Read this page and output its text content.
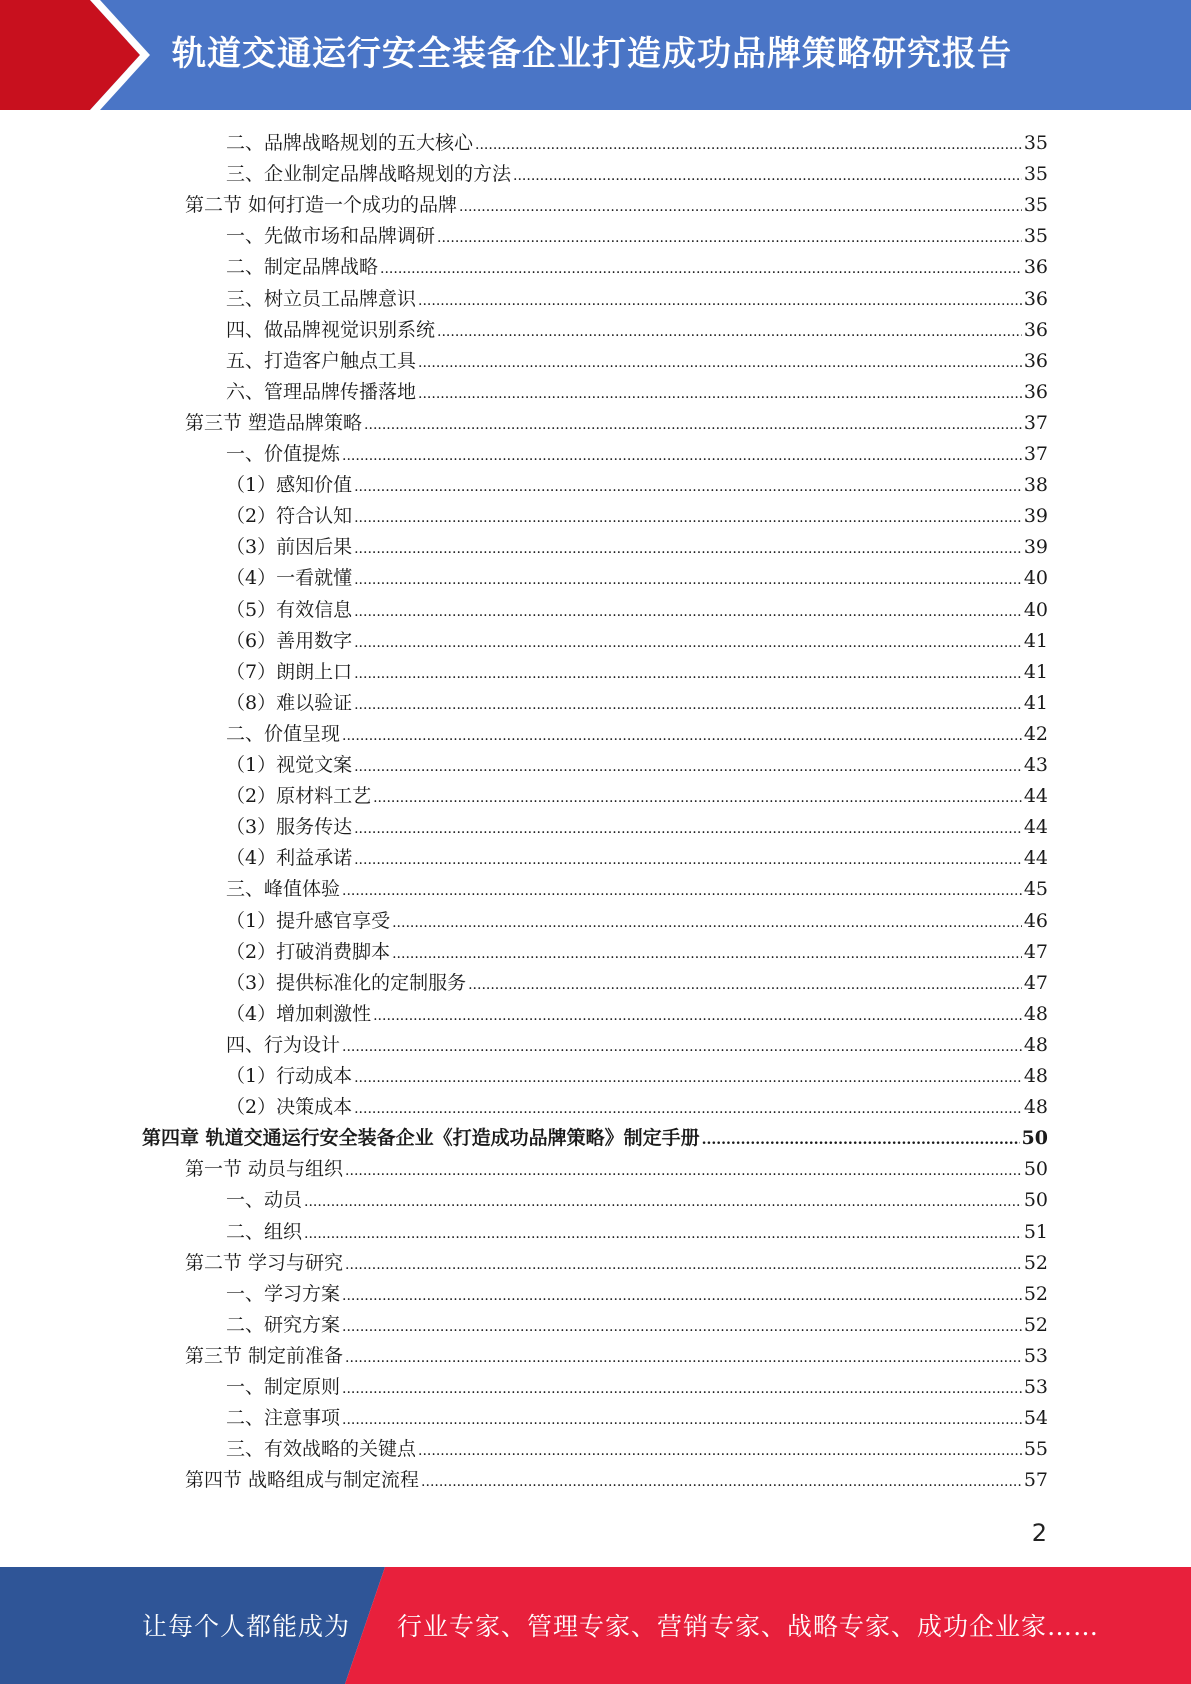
轨道交通运行安全装备企业打造成功品牌策略研究报告
二、品牌战略规划的五大核心 .....	35
三、企业制定品牌战略规划的方法 .....	35
第二节 如何打造一个成功的品牌 .....	35
一、先做市场和品牌调研 .....	35
二、制定品牌战略 .....	36
三、树立员工品牌意识 .....	36
四、做品牌视觉识别系统 .....	36
五、打造客户触点工具 .....	36
六、管理品牌传播落地 .....	36
第三节 塑造品牌策略 .....	37
一、价值提炼 .....	37
（1）感知价值 .....	38
（2）符合认知 .....	39
（3）前因后果 .....	39
（4）一看就懂 .....	40
（5）有效信息 .....	40
（6）善用数字 .....	41
（7）朗朗上口 .....	41
（8）难以验证 .....	41
二、价值呈现 .....	42
（1）视觉文案 .....	43
（2）原材料工艺 .....	44
（3）服务传达 .....	44
（4）利益承诺 .....	44
三、峰值体验 .....	45
（1）提升感官享受 .....	46
（2）打破消费脚本 .....	47
（3）提供标准化的定制服务 .....	47
（4）增加刺激性 .....	48
四、行为设计 .....	48
（1）行动成本 .....	48
（2）决策成本 .....	48
第四章 轨道交通运行安全装备企业《打造成功品牌策略》制定手册 .....	50
第一节 动员与组织 .....	50
一、动员 .....	50
二、组织 .....	51
第二节 学习与研究 .....	52
一、学习方案 .....	52
二、研究方案 .....	52
第三节 制定前准备 .....	53
一、制定原则 .....	53
二、注意事项 .....	54
三、有效战略的关键点 .....	55
第四节 战略组成与制定流程 .....	57
2
让每个人都能成为 行业专家、管理专家、营销专家、战略专家、成功企业家……
